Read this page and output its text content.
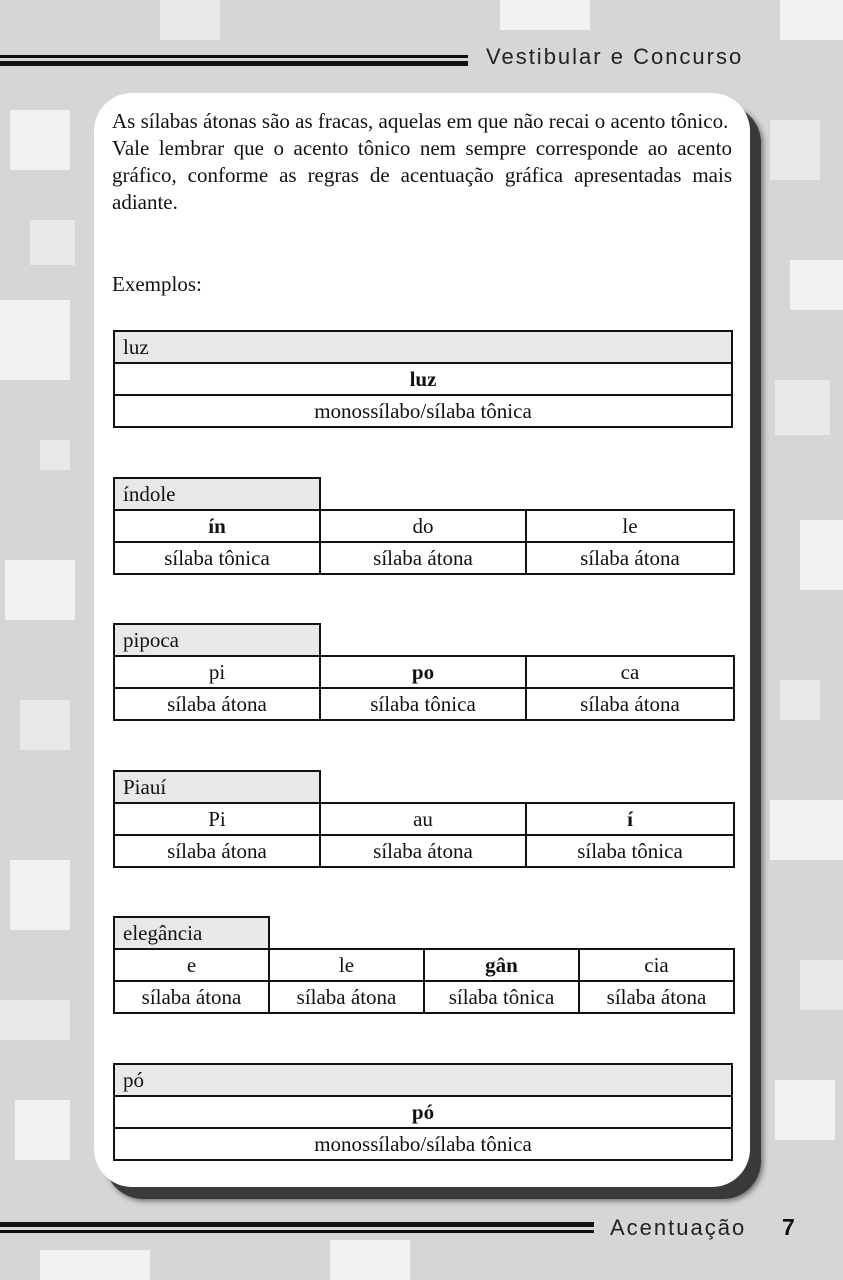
Vestibular e Concurso

As sílabas átonas são as fracas, aquelas em que não recai o acento tônico.

Vale lembrar que o acento tônico nem sempre corresponde ao acento gráfico, conforme as regras de acentuação gráfica apresentadas mais adiante.

Exemplos:
luz
luz
monossílabo/sílaba tônica
índole		
ín	do	le
sílaba tônica	sílaba átona	sílaba átona
pipoca		
pi	po	ca
sílaba átona	sílaba tônica	sílaba átona
Piauí		
Pi	au	í
sílaba átona	sílaba átona	sílaba tônica
elegância			
e	le	gân	cia
sílaba átona	sílaba átona	sílaba tônica	sílaba átona
pó
pó
monossílabo/sílaba tônica
Acentuação 7
